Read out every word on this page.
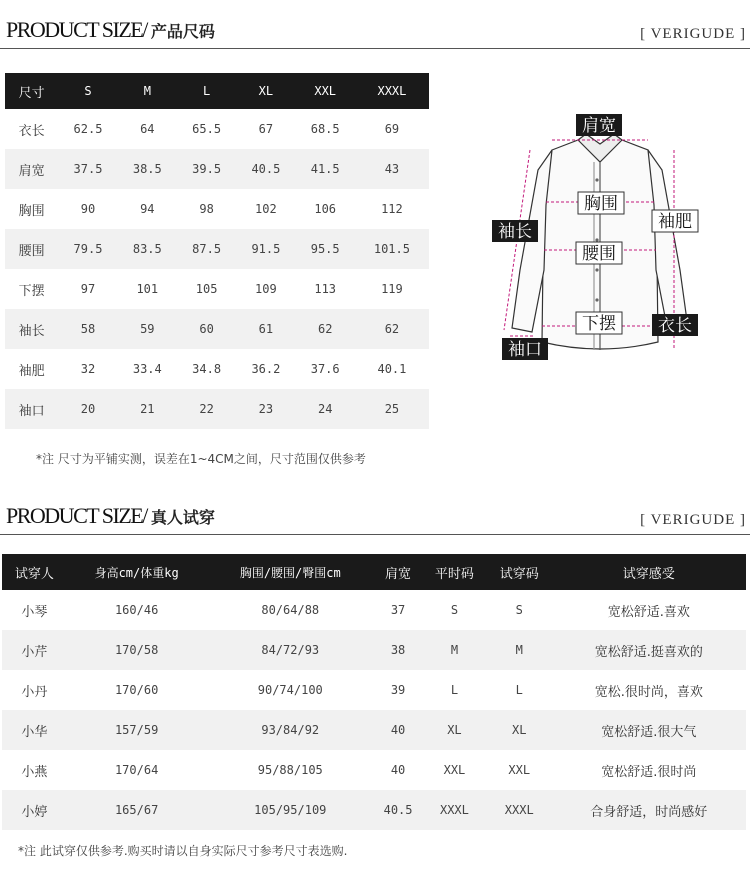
PRODUCT SIZE/ 产品尺码	[ VERIGUDE ]
尺寸	S	M	L	XL	XXL	XXXL
衣长	62.5	64	65.5	67	68.5	69
肩宽	37.5	38.5	39.5	40.5	41.5	43
胸围	90	94	98	102	106	112
腰围	79.5	83.5	87.5	91.5	95.5	101.5
下摆	97	101	105	109	113	119
袖长	58	59	60	61	62	62
袖肥	32	33.4	34.8	36.2	37.6	40.1
袖口	20	21	22	23	24	25
肩宽
胸围
袖肥
袖长
腰围
下摆 衣长
袖口
*注 尺寸为平铺实测，误差在1~4CM之间，尺寸范围仅供参考
PRODUCT SIZE/ 真人试穿	[ VERIGUDE ]
试穿人	身高cm/体重kg	胸围/腰围/臀围cm	肩宽	平时码	试穿码	试穿感受
小琴	160/46	80/64/88	37	S	S	宽松舒适.喜欢
小芹	170/58	84/72/93	38	M	M	宽松舒适.挺喜欢的
小丹	170/60	90/74/100	39	L	L	宽松.很时尚，喜欢
小华	157/59	93/84/92	40	XL	XL	宽松舒适.很大气
小燕	170/64	95/88/105	40	XXL	XXL	宽松舒适.很时尚
小婷	165/67	105/95/109	40.5	XXXL	XXXL	合身舒适，时尚感好
*注 此试穿仅供参考.购买时请以自身实际尺寸参考尺寸表选购.
